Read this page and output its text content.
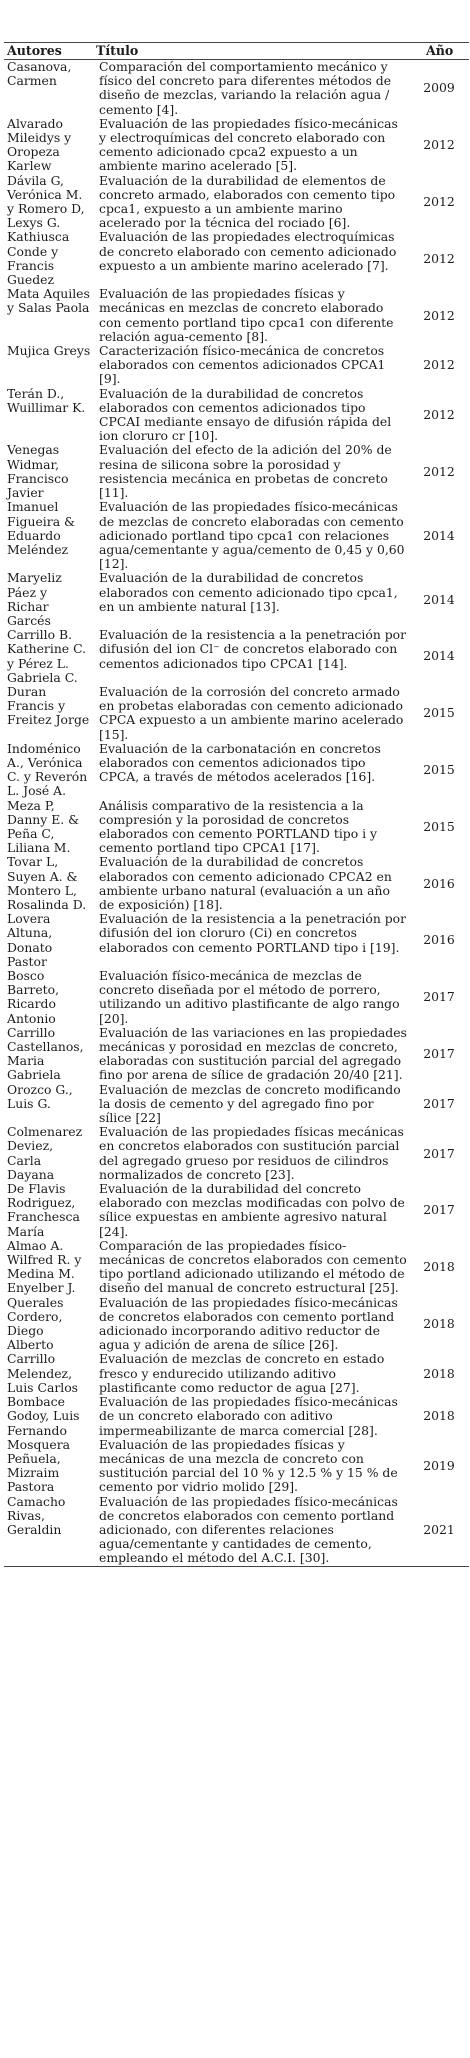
Autores	Título	Año
Casanova, Carmen	Comparación del comportamiento mecánico y físico del concreto para diferentes métodos de diseño de mezclas, variando la relación agua / cemento [4].	2009
Alvarado Mileidys y Oropeza Karlew	Evaluación de las propiedades físico-mecánicas y electroquímicas del concreto elaborado con cemento adicionado cpca2 expuesto a un ambiente marino acelerado [5].	2012
Dávila G, Verónica M. y Romero D, Lexys G.	Evaluación de la durabilidad de elementos de concreto armado, elaborados con cemento tipo cpca1, expuesto a un ambiente marino acelerado por la técnica del rociado [6].	2012
Kathiusca Conde y Francis Guedez	Evaluación de las propiedades electroquímicas de concreto elaborado con cemento adicionado expuesto a un ambiente marino acelerado [7].	2012
Mata Aquiles y Salas Paola	Evaluación de las propiedades físicas y mecánicas en mezclas de concreto elaborado con cemento portland tipo cpca1 con diferente relación agua-cemento [8].	2012
Mujica Greys	Caracterización físico-mecánica de concretos elaborados con cementos adicionados CPCA1 [9].	2012
Terán D., Wuillimar K.	Evaluación de la durabilidad de concretos elaborados con cementos adicionados tipo CPCAI mediante ensayo de difusión rápida del ion cloruro cr [10].	2012
Venegas Widmar, Francisco Javier	Evaluación del efecto de la adición del 20% de resina de silicona sobre la porosidad y resistencia mecánica en probetas de concreto [11].	2012
Imanuel Figueira & Eduardo Meléndez	Evaluación de las propiedades físico-mecánicas de mezclas de concreto elaboradas con cemento adicionado portland tipo cpca1 con relaciones agua/cementante y agua/cemento de 0,45 y 0,60 [12].	2014
Maryeliz Páez y Richar Garcés	Evaluación de la durabilidad de concretos elaborados con cemento adicionado tipo cpca1, en un ambiente natural [13].	2014
Carrillo B. Katherine C. y Pérez L. Gabriela C.	Evaluación de la resistencia a la penetración por difusión del ion Cl⁻ de concretos elaborado con cementos adicionados tipo CPCA1 [14].	2014
Duran Francis y Freitez Jorge	Evaluación de la corrosión del concreto armado en probetas elaboradas con cemento adicionado CPCA expuesto a un ambiente marino acelerado [15].	2015
Indoménico A., Verónica C. y Reverón L. José A.	Evaluación de la carbonatación en concretos elaborados con cementos adicionados tipo CPCA, a través de métodos acelerados [16].	2015
Meza P, Danny E. & Peña C, Liliana M.	Análisis comparativo de la resistencia a la compresión y la porosidad de concretos elaborados con cemento PORTLAND tipo i y cemento portland tipo CPCA1 [17].	2015
Tovar L, Suyen A. & Montero L, Rosalinda D.	Evaluación de la durabilidad de concretos elaborados con cemento adicionado CPCA2 en ambiente urbano natural (evaluación a un año de exposición) [18].	2016
Lovera Altuna, Donato Pastor	Evaluación de la resistencia a la penetración por difusión del ion cloruro (Ci) en concretos elaborados con cemento PORTLAND tipo i [19].	2016
Bosco Barreto, Ricardo Antonio	Evaluación físico-mecánica de mezclas de concreto diseñada por el método de porrero, utilizando un aditivo plastificante de algo rango [20].	2017
Carrillo Castellanos, Maria Gabriela	Evaluación de las variaciones en las propiedades mecánicas y porosidad en mezclas de concreto, elaboradas con sustitución parcial del agregado fino por arena de sílice de gradación 20/40 [21].	2017
Orozco G., Luis G.	Evaluación de mezclas de concreto modificando la dosis de cemento y del agregado fino por sílice [22]	2017
Colmenarez Deviez, Carla Dayana	Evaluación de las propiedades físicas mecánicas en concretos elaborados con sustitución parcial del agregado grueso por residuos de cilindros normalizados de concreto [23].	2017
De Flavis Rodriguez, Franchesca María	Evaluación de la durabilidad del concreto elaborado con mezclas modificadas con polvo de sílice expuestas en ambiente agresivo natural [24].	2017
Almao A. Wilfred R. y Medina M. Enyelber J.	Comparación de las propiedades físico-mecánicas de concretos elaborados con cemento tipo portland adicionado utilizando el método de diseño del manual de concreto estructural [25].	2018
Querales Cordero, Diego Alberto	Evaluación de las propiedades físico-mecánicas de concretos elaborados con cemento portland adicionado incorporando aditivo reductor de agua y adición de arena de sílice [26].	2018
Carrillo Melendez, Luis Carlos	Evaluación de mezclas de concreto en estado fresco y endurecido utilizando aditivo plastificante como reductor de agua [27].	2018
Bombace Godoy, Luis Fernando	Evaluación de las propiedades físico-mecánicas de un concreto elaborado con aditivo impermeabilizante de marca comercial [28].	2018
Mosquera Peñuela, Mizraim Pastora	Evaluación de las propiedades físicas y mecánicas de una mezcla de concreto con sustitución parcial del 10 % y 12.5 % y 15 % de cemento por vidrio molido [29].	2019
Camacho Rivas, Geraldin	Evaluación de las propiedades físico-mecánicas de concretos elaborados con cemento portland adicionado, con diferentes relaciones agua/cementante y cantidades de cemento, empleando el método del A.C.I. [30].	2021
